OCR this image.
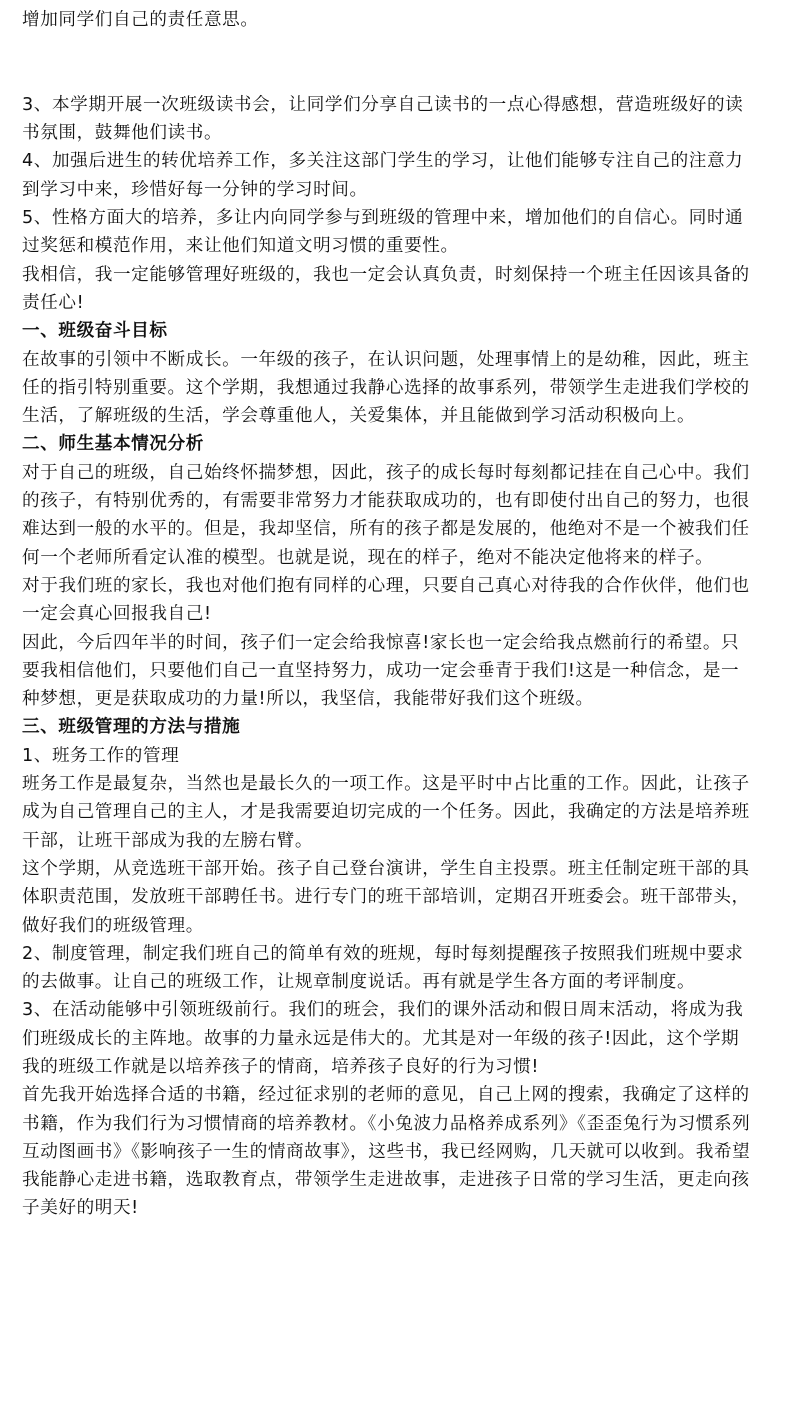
增加同学们自己的责任意思。
3、本学期开展一次班级读书会，让同学们分享自己读书的一点心得感想，营造班级好的读
书氛围，鼓舞他们读书。
4、加强后进生的转优培养工作，多关注这部门学生的学习，让他们能够专注自己的注意力
到学习中来，珍惜好每一分钟的学习时间。
5、性格方面大的培养，多让内向同学参与到班级的管理中来，增加他们的自信心。同时通
过奖惩和模范作用，来让他们知道文明习惯的重要性。
我相信，我一定能够管理好班级的，我也一定会认真负责，时刻保持一个班主任因该具备的
责任心!
一、班级奋斗目标
在故事的引领中不断成长。一年级的孩子，在认识问题，处理事情上的是幼稚，因此，班主
任的指引特别重要。这个学期，我想通过我静心选择的故事系列，带领学生走进我们学校的
生活，了解班级的生活，学会尊重他人，关爱集体，并且能做到学习活动积极向上。
二、师生基本情况分析
对于自己的班级，自己始终怀揣梦想，因此，孩子的成长每时每刻都记挂在自己心中。我们
的孩子，有特别优秀的，有需要非常努力才能获取成功的，也有即使付出自己的努力，也很
难达到一般的水平的。但是，我却坚信，所有的孩子都是发展的，他绝对不是一个被我们任
何一个老师所看定认准的模型。也就是说，现在的样子，绝对不能决定他将来的样子。
对于我们班的家长，我也对他们抱有同样的心理，只要自己真心对待我的合作伙伴，他们也
一定会真心回报我自己!
因此，今后四年半的时间，孩子们一定会给我惊喜!家长也一定会给我点燃前行的希望。只
要我相信他们，只要他们自己一直坚持努力，成功一定会垂青于我们!这是一种信念，是一
种梦想，更是获取成功的力量!所以，我坚信，我能带好我们这个班级。
三、班级管理的方法与措施
1、班务工作的管理
班务工作是最复杂，当然也是最长久的一项工作。这是平时中占比重的工作。因此，让孩子
成为自己管理自己的主人，才是我需要迫切完成的一个任务。因此，我确定的方法是培养班
干部，让班干部成为我的左膀右臂。
这个学期，从竞选班干部开始。孩子自己登台演讲，学生自主投票。班主任制定班干部的具
体职责范围，发放班干部聘任书。进行专门的班干部培训，定期召开班委会。班干部带头，
做好我们的班级管理。
2、制度管理，制定我们班自己的简单有效的班规，每时每刻提醒孩子按照我们班规中要求
的去做事。让自己的班级工作，让规章制度说话。再有就是学生各方面的考评制度。
3、在活动能够中引领班级前行。我们的班会，我们的课外活动和假日周末活动，将成为我
们班级成长的主阵地。故事的力量永远是伟大的。尤其是对一年级的孩子!因此，这个学期
我的班级工作就是以培养孩子的情商，培养孩子良好的行为习惯!
首先我开始选择合适的书籍，经过征求别的老师的意见，自己上网的搜索，我确定了这样的
书籍，作为我们行为习惯情商的培养教材。《小兔波力品格养成系列》《歪歪兔行为习惯系列
互动图画书》《影响孩子一生的情商故事》，这些书，我已经网购，几天就可以收到。我希望
我能静心走进书籍，选取教育点，带领学生走进故事，走进孩子日常的学习生活，更走向孩
子美好的明天!
